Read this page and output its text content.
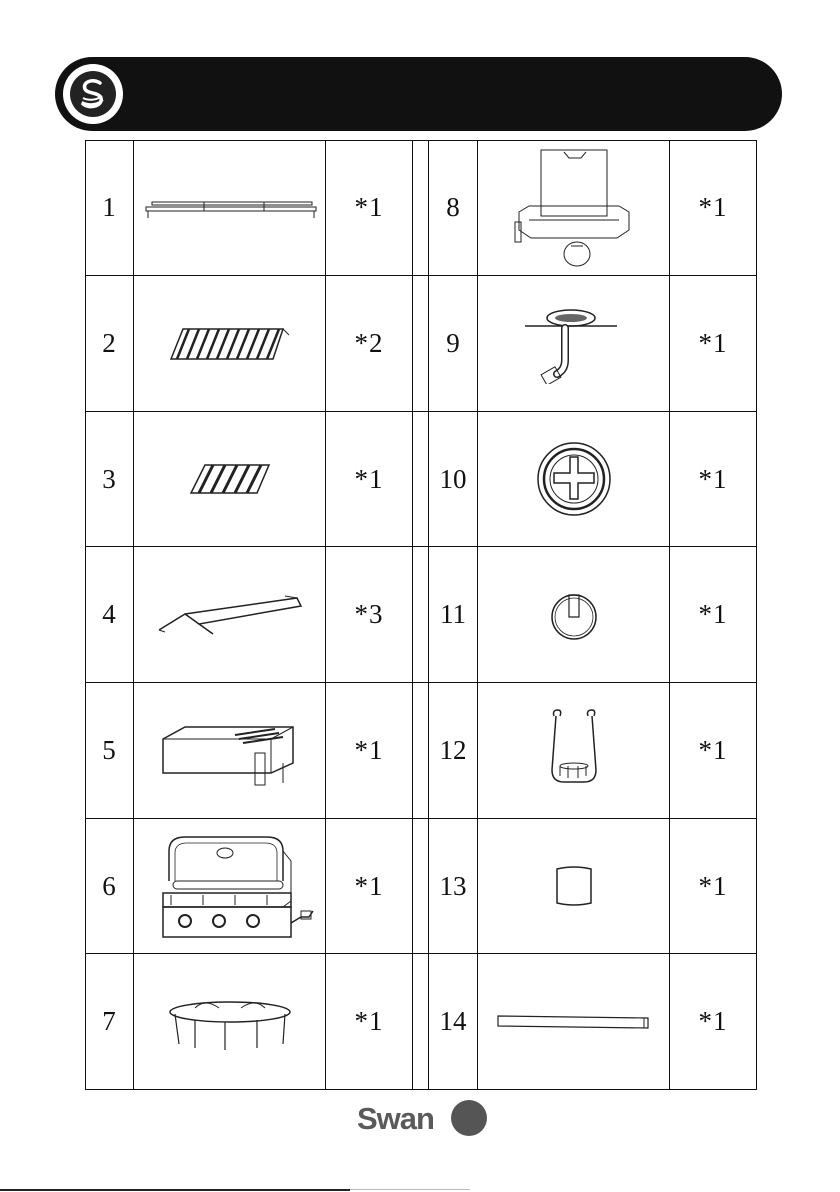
1	*1	8	*1
2	*2	9	*1
3	*1	10	*1
4	*3	11	*1
5	*1	12	*1
6	*1	13	*1
7	*1	14	*1
Swan
